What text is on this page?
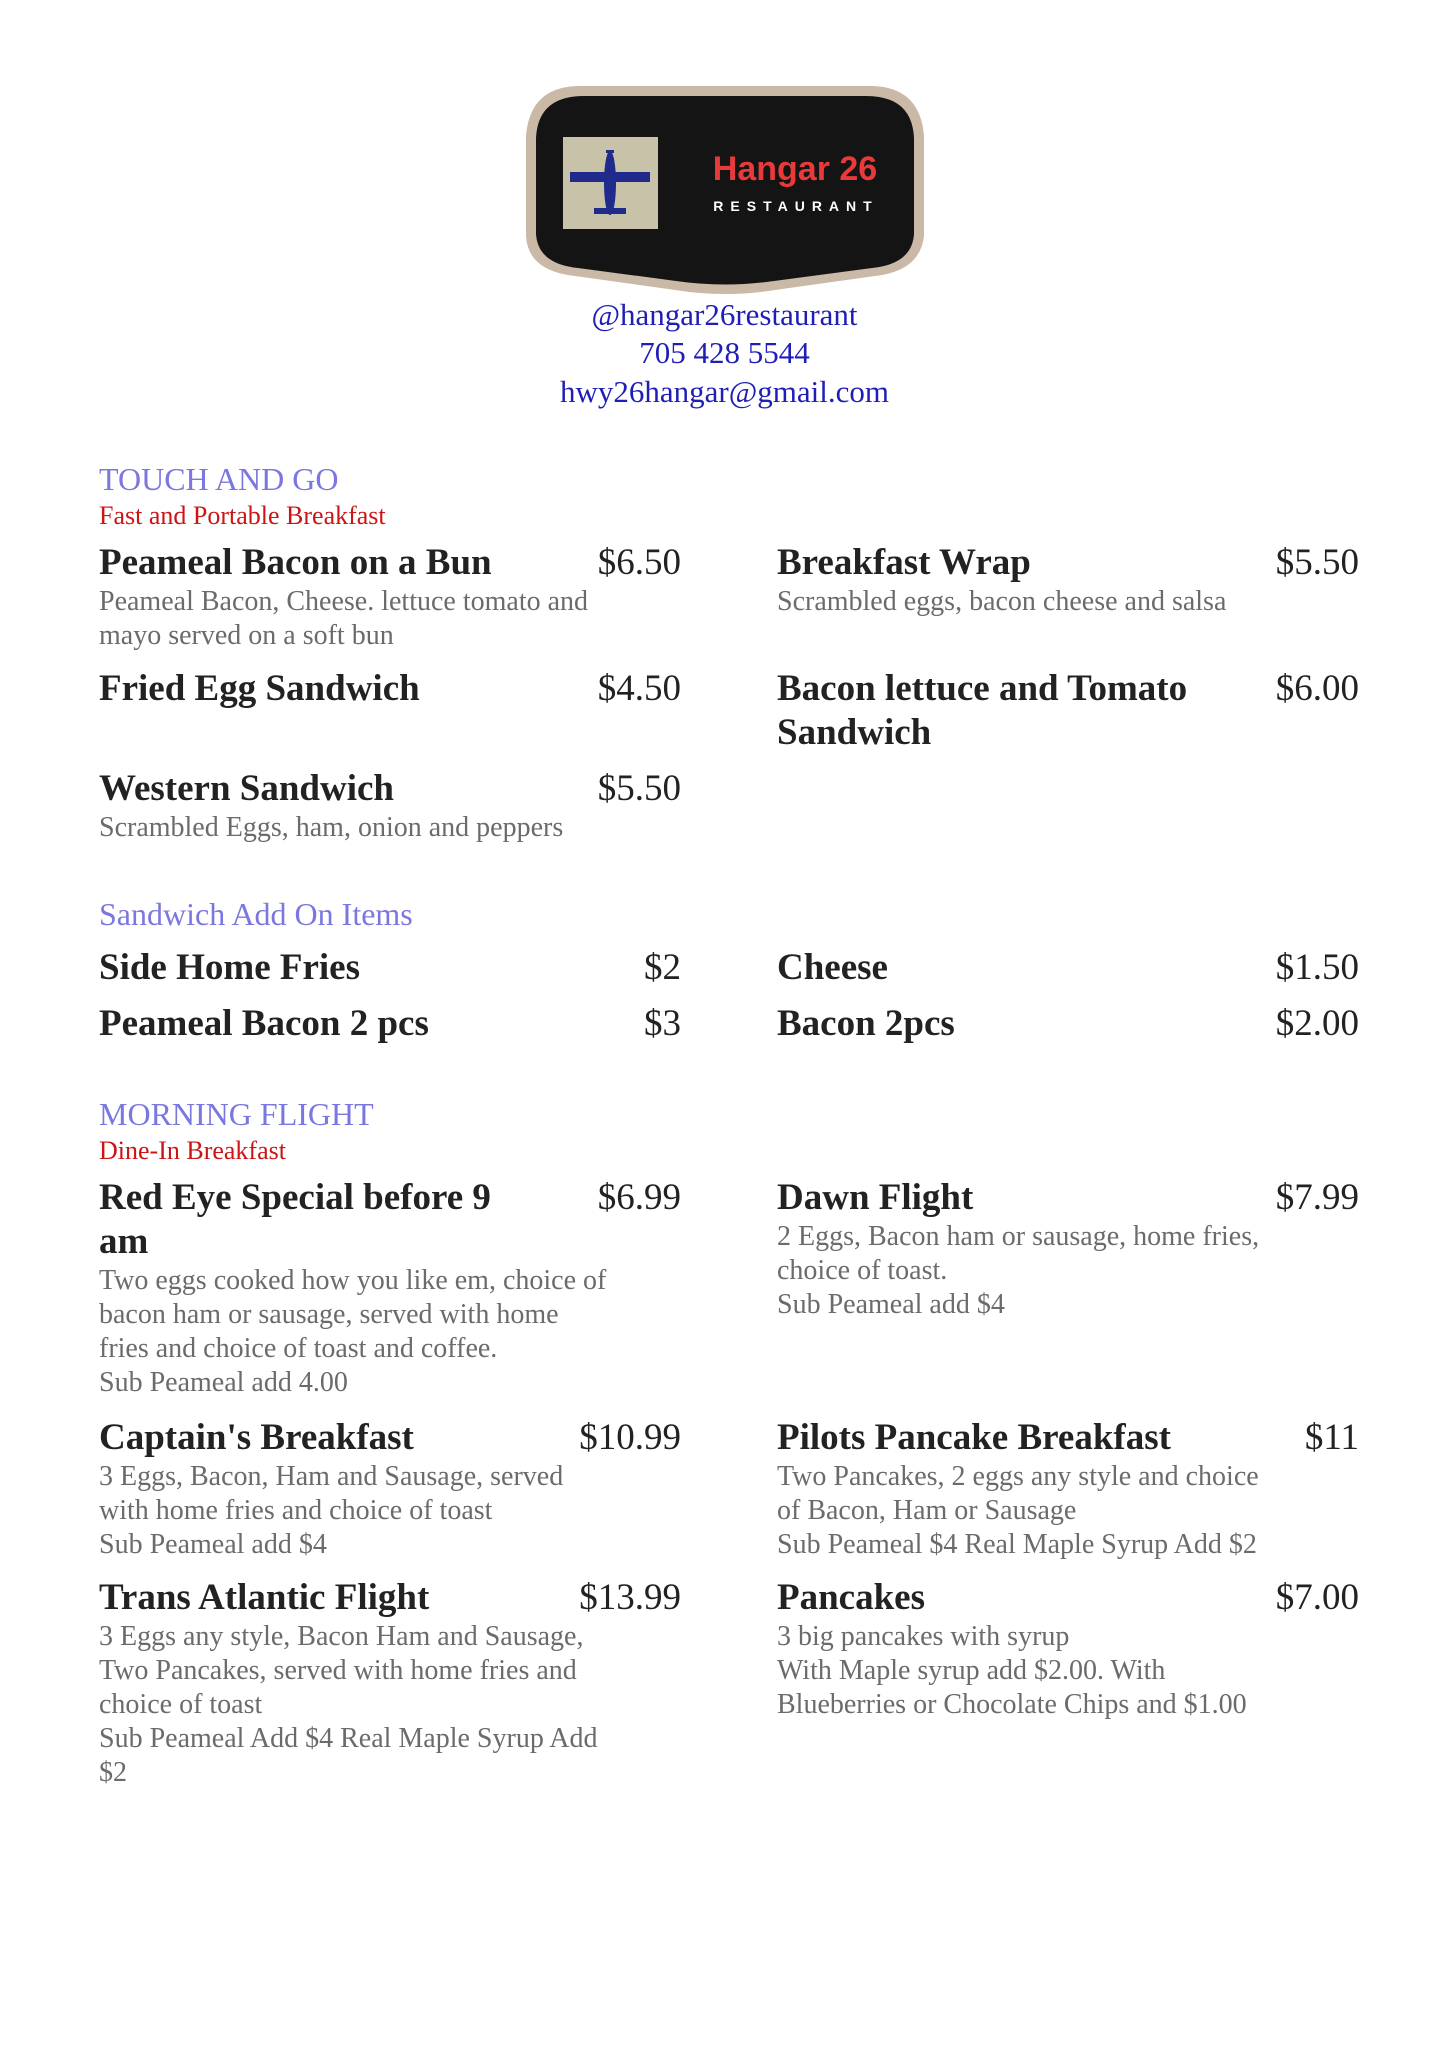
Hangar 26
RESTAURANT
@hangar26restaurant
705 428 5544
hwy26hangar@gmail.com
TOUCH AND GO
Fast and Portable Breakfast
Peameal Bacon on a Bun	$6.50
Peameal Bacon, Cheese. lettuce tomato and
mayo served on a soft bun
Fried Egg Sandwich	$4.50
Western Sandwich	$5.50
Scrambled Eggs, ham, onion and peppers
Breakfast Wrap	$5.50
Scrambled eggs, bacon cheese and salsa
Bacon lettuce and Tomato Sandwich
$6.00
Sandwich Add On Items
Side Home Fries	$2
Peameal Bacon 2 pcs	$3
Cheese	$1.50
Bacon 2pcs	$2.00
MORNING FLIGHT
Dine-In Breakfast
Red Eye Special before 9 am
$6.99
Two eggs cooked how you like em, choice of
bacon ham or sausage, served with home
fries and choice of toast and coffee.
Sub Peameal add 4.00
Captain's Breakfast	$10.99
3 Eggs, Bacon, Ham and Sausage, served
with home fries and choice of toast
Sub Peameal add $4
Trans Atlantic Flight	$13.99
3 Eggs any style, Bacon Ham and Sausage,
Two Pancakes, served with home fries and
choice of toast
Sub Peameal Add $4 Real Maple Syrup Add
$2
Dawn Flight	$7.99
2 Eggs, Bacon ham or sausage, home fries,
choice of toast.
Sub Peameal add $4
Pilots Pancake Breakfast	$11
Two Pancakes, 2 eggs any style and choice
of Bacon, Ham or Sausage
Sub Peameal $4 Real Maple Syrup Add $2
Pancakes	$7.00
3 big pancakes with syrup
With Maple syrup add $2.00. With
Blueberries or Chocolate Chips and $1.00
